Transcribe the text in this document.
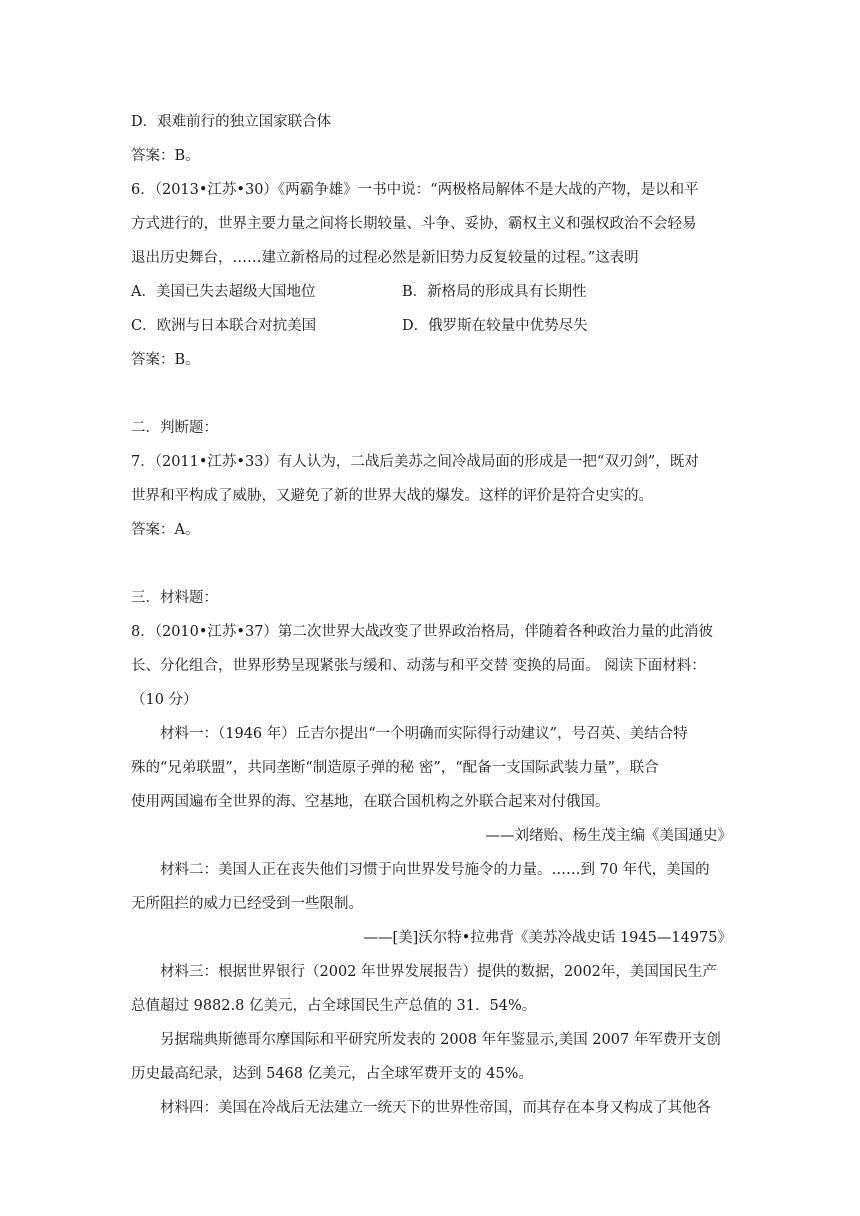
D．艰难前行的独立国家联合体
答案：B。
6．（2013•江苏•30）《两霸争雄》一书中说：“两极格局解体不是大战的产物，是以和平
方式进行的，世界主要力量之间将长期较量、斗争、妥协，霸权主义和强权政治不会轻易
退出历史舞台，……建立新格局的过程必然是新旧势力反复较量的过程。”这表明
A．美国已失去超级大国地位	B．新格局的形成具有长期性
C．欧洲与日本联合对抗美国	D．俄罗斯在较量中优势尽失
答案：B。
二．判断题：
7．（2011•江苏•33）有人认为，二战后美苏之间冷战局面的形成是一把“双刃剑”，既对
世界和平构成了威胁，又避免了新的世界大战的爆发。这样的评价是符合史实的。
答案：A。
三．材料题：
8．（2010•江苏•37）第二次世界大战改变了世界政治格局，伴随着各种政治力量的此消彼
长、分化组合，世界形势呈现紧张与缓和、动荡与和平交替 变换的局面。 阅读下面材料：
（10 分）
材料一：（1946 年）丘吉尔提出“一个明确而实际得行动建议”，号召英、美结合特
殊的“兄弟联盟”，共同垄断“制造原子弹的秘 密”，“配备一支国际武装力量”，联合
使用两国遍布全世界的海、空基地，在联合国机构之外联合起来对付俄国。
——刘绪贻、杨生茂主编《美国通史》
材料二：美国人正在丧失他们习惯于向世界发号施令的力量。……到 70 年代，美国的
无所阻拦的威力已经受到一些限制。
——[美]沃尔特•拉弗背《美苏冷战史话 1945—14975》
材料三：根据世界银行（2002 年世界发展报告）提供的数据，2002年，美国国民生产
总值超过 9882.8 亿美元，占全球国民生产总值的 31．54%。
另据瑞典斯德哥尔摩国际和平研究所发表的 2008 年年鉴显示,美国 2007 年军费开支创
历史最高纪录，达到 5468 亿美元，占全球军费开支的 45%。
材料四：美国在冷战后无法建立一统天下的世界性帝国，而其存在本身又构成了其他各
